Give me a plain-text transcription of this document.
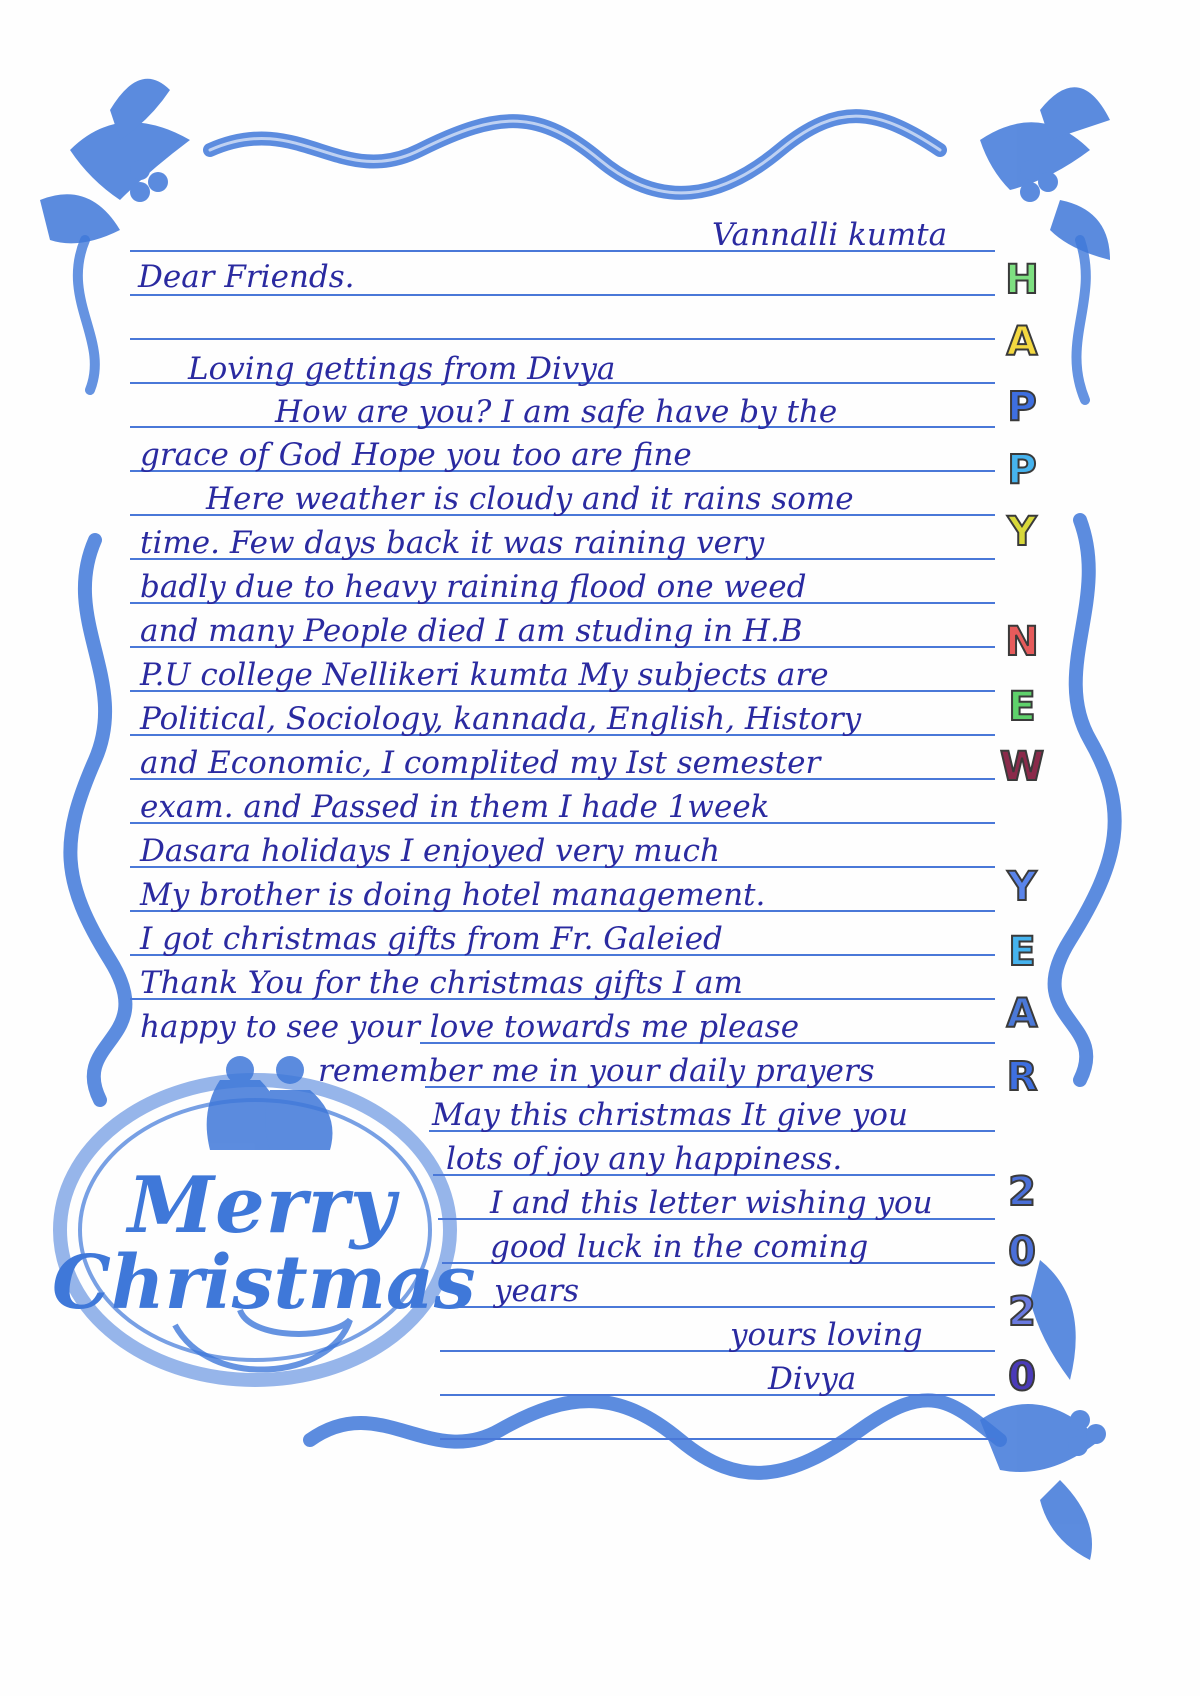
Vannalli kumta
Dear Friends.
Loving gettings from Divya
How are you? I am safe have by the
grace of God Hope you too are fine
Here weather is cloudy and it rains some
time. Few days back it was raining very
badly due to heavy raining flood one weed
and many People died I am studing in H.B
P.U college Nellikeri kumta My subjects are
Political, Sociology, kannada, English, History
and Economic, I complited my Ist semester
exam. and Passed in them I hade 1week
Dasara holidays I enjoyed very much
My brother is doing hotel management.
I got christmas gifts from Fr. Galeied
Thank You for the christmas gifts I am
happy to see your love towards me please
remember me in your daily prayers
May this christmas It give you
lots of joy any happiness.
I and this letter wishing you
good luck in the coming
years
yours loving
Divya
Merry
Christmas
H
A
P
P
Y
N
E
W
Y
E
A
R
2
0
2
0
